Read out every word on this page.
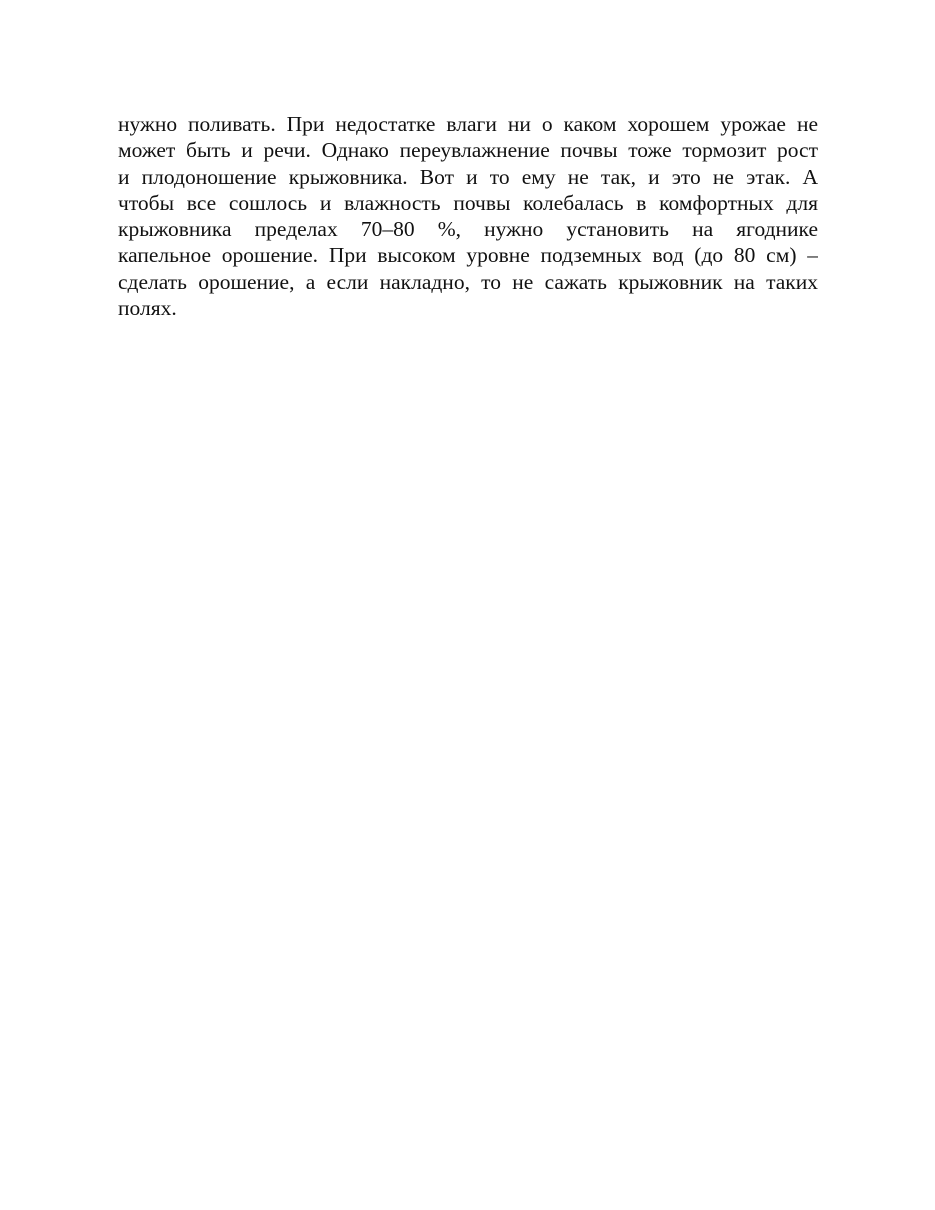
нужно поливать. При недостатке влаги ни о каком хорошем урожае не
может быть и речи. Однако переувлажнение почвы тоже тормозит рост
и плодоношение крыжовника. Вот и то ему не так, и это не этак. А
чтобы все сошлось и влажность почвы колебалась в комфортных для
крыжовника пределах 70–80 %, нужно установить на ягоднике
капельное орошение. При высоком уровне подземных вод (до 80 см) –
сделать орошение, а если накладно, то не сажать крыжовник на таких
полях.
